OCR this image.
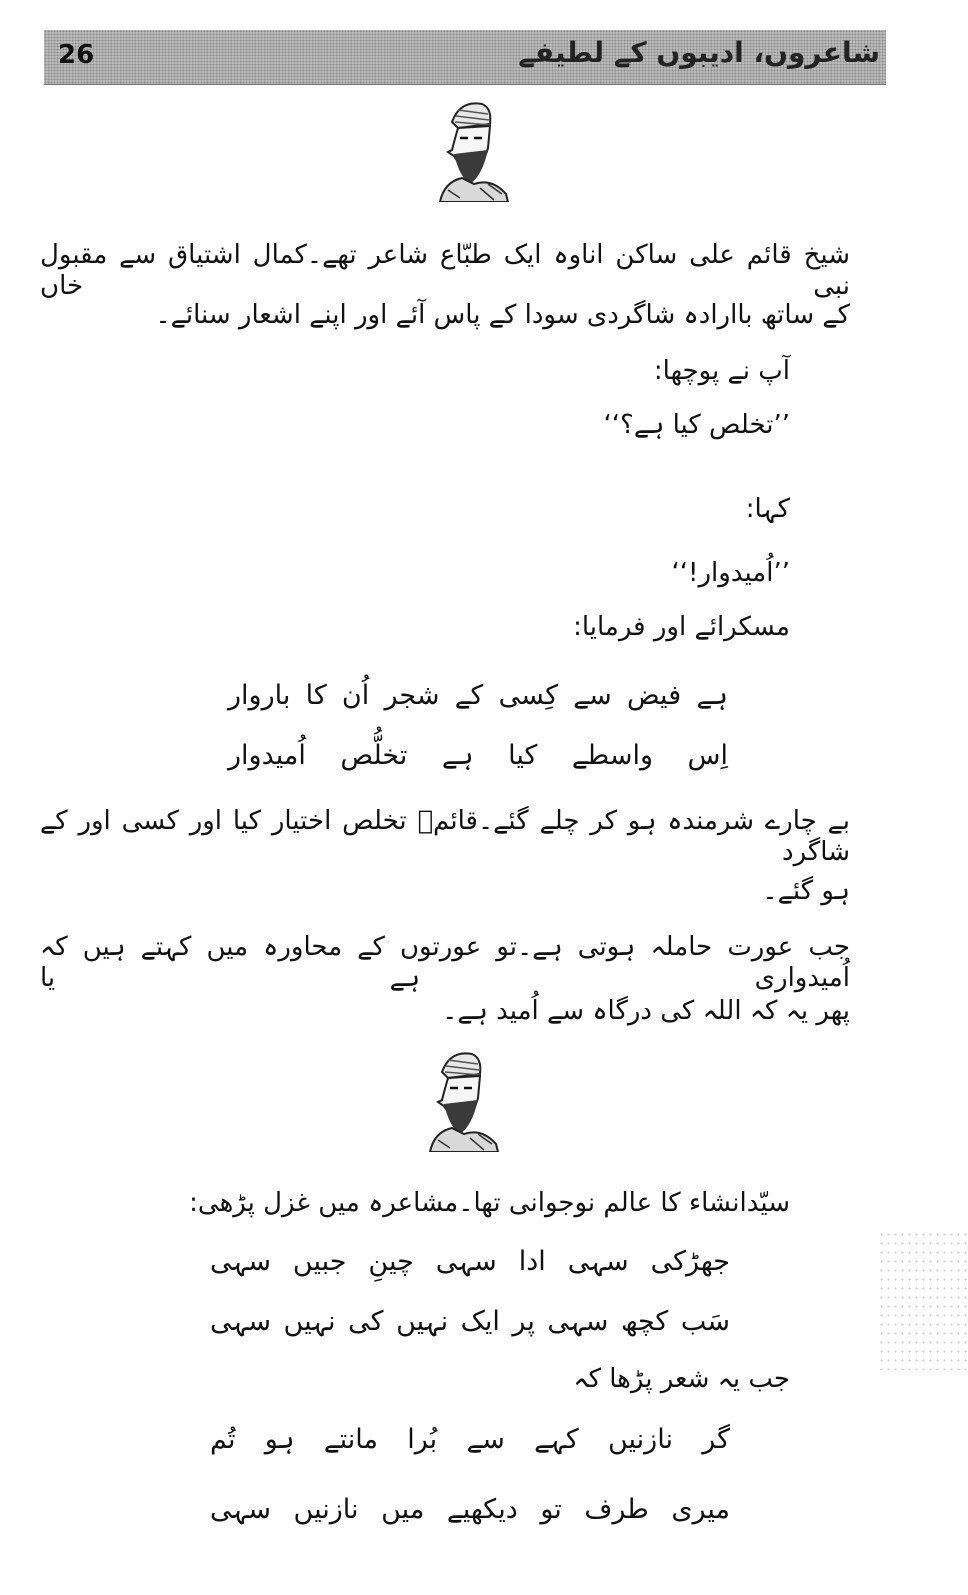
26	شاعروں، ادیبوں کے لطیفے
شیخ قائم علی ساکن اناوہ ایک طبّاع شاعر تھے۔کمال اشتیاق سے مقبول نبی خاں
کے ساتھ باارادہ شاگردی سودا کے پاس آئے اور اپنے اشعار سنائے۔
آپ نے پوچھا:
’’تخلص کیا ہے؟‘‘
کہا:
’’اُمیدوار!‘‘
مسکرائے اور فرمایا:
ہے فیض سے کِسی کے شجر اُن کا باروار
اِس واسطے کیا ہے تخلُّص اُمیدوار
بے چارے شرمندہ ہو کر چلے گئے۔قائمؔ تخلص اختیار کیا اور کسی اور کے شاگرد
ہو گئے۔
جب عورت حاملہ ہوتی ہے۔تو عورتوں کے محاورہ میں کہتے ہیں کہ اُمیدواری ہے یا
پھر یہ کہ اللہ کی درگاہ سے اُمید ہے۔
سیّدانشاء کا عالم نوجوانی تھا۔مشاعرہ میں غزل پڑھی:
جھڑکی سہی ادا سہی چینِ جبیں سہی
سَب کچھ سہی پر ایک نہیں کی نہیں سہی
جب یہ شعر پڑھا کہ
گر نازنیں کہے سے بُرا مانتے ہو تُم
میری طرف تو دیکھیے میں نازنیں سہی
